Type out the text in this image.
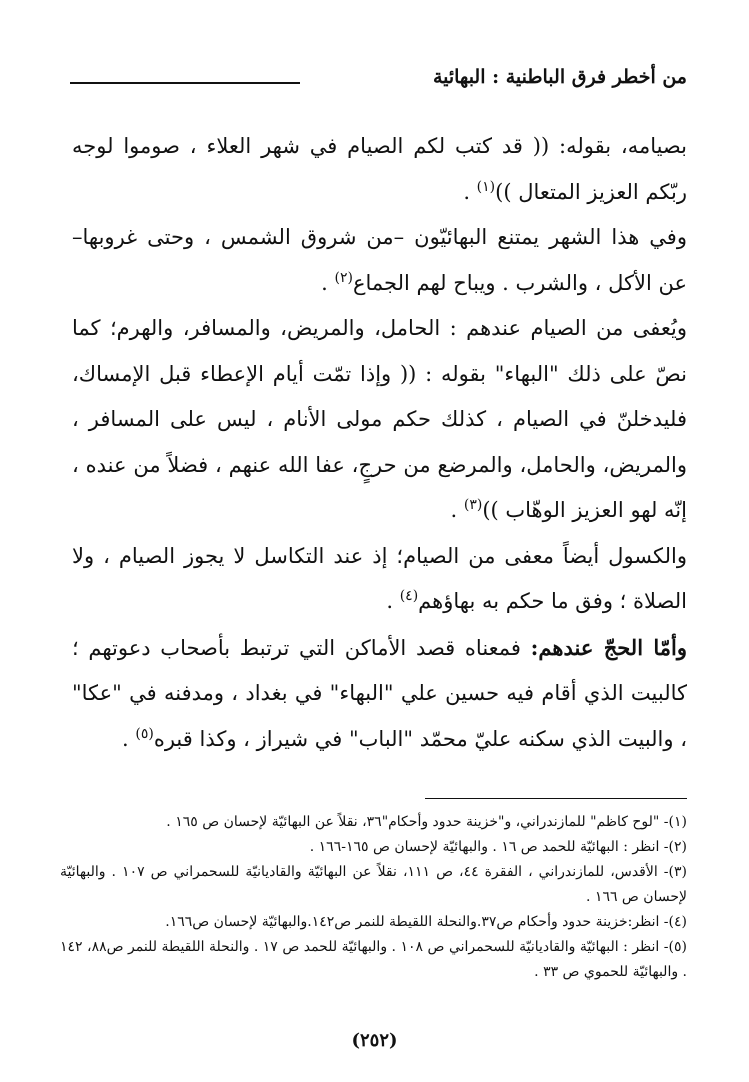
من أخطر فرق الباطنية : البهائية

بصيامه، بقوله: (( قد كتب لكم الصيام في شهر العلاء ، صوموا لوجه ربّكم العزيز المتعال ))$^{(١)}$ .

وفي هذا الشهر يمتنع البهائيّون –من شروق الشمس ، وحتى غروبها– عن الأكل ، والشرب . ويباح لهم الجماع$^{(٢)}$ .

ويُعفى من الصيام عندهم : الحامل، والمريض، والمسافر، والهرم؛ كما نصّ على ذلك "البهاء" بقوله : (( وإذا تمّت أيام الإعطاء قبل الإمساك، فليدخلنّ في الصيام ، كذلك حكم مولى الأنام ، ليس على المسافر ، والمريض، والحامل، والمرضع من حرجٍ، عفا الله عنهم ، فضلاً من عنده ، إنّه لهو العزيز الوهّاب ))$^{(٣)}$ .

والكسول أيضاً معفى من الصيام؛ إذ عند التكاسل لا يجوز الصيام ، ولا الصلاة ؛ وفق ما حكم به بهاؤهم$^{(٤)}$ .

وأمّا الحجّ عندهم: فمعناه قصد الأماكن التي ترتبط بأصحاب دعوتهم ؛ كالبيت الذي أقام فيه حسين علي "البهاء" في بغداد ، ومدفنه في "عكا" ، والبيت الذي سكنه عليّ محمّد "الباب" في شيراز ، وكذا قبره$^{(٥)}$ .

(١)- "لوح كاظم" للمازندراني، و"خزينة حدود وأحكام"٣٦، نقلاً عن البهائيّة لإحسان ص ١٦٥ .

(٢)- انظر : البهائيّة للحمد ص ١٦ . والبهائيّة لإحسان ص ١٦٥-١٦٦ .

(٣)- الأقدس، للمازندراني ، الفقرة ٤٤، ص ١١١، نقلاً عن البهائيّة والقاديانيّة للسحمراني ص ١٠٧ . والبهائيّة لإحسان ص ١٦٦ .

(٤)- انظر:خزينة حدود وأحكام ص٣٧.والنحلة اللقيطة للنمر ص١٤٢.والبهائيّة لإحسان ص١٦٦.

(٥)- انظر : البهائيّة والقاديانيّة للسحمراني ص ١٠٨ . والبهائيّة للحمد ص ١٧ . والنحلة اللقيطة للنمر ص٨٨، ١٤٢ . والبهائيّة للحموي ص ٣٣ .

(٢٥٢)
